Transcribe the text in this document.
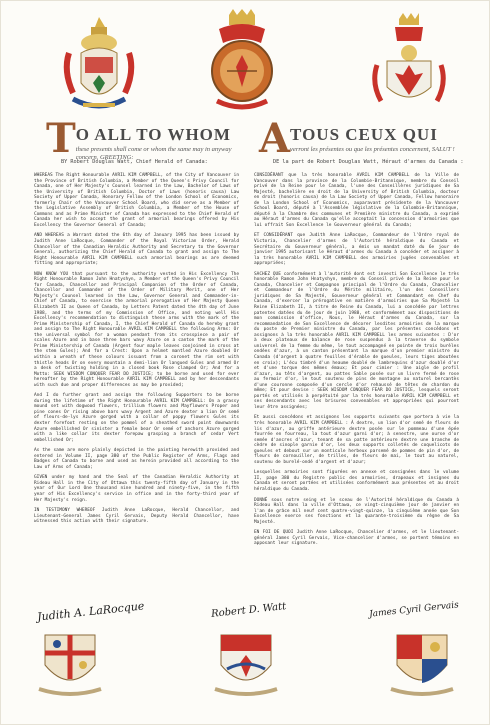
T O ALL TO WHOM
these presents shall come or whom the same may in anyway concern, GREETING:	A TOUS CEUX QUI
verront les présentes ou que les présentes concernent, SALUT !
BY Robert Douglas Watt, Chief Herald of Canada:	DE la part de Robert Douglas Watt, Héraut d'armes du Canada :

WHEREAS The Right Honourable AVRIL KIM CAMPBELL, of the City of Vancouver in the Province of British Columbia, a Member of the Queen's Privy Council for Canada, one of Her Majesty's Counsel learned in the Law, Bachelor of Laws of the University of British Columbia, Doctor of Laws (honoris causa) Law Society of Upper Canada, Honorary Fellow of the London School of Economics, formerly Chair of the Vancouver School Board, who did serve as a Member of the Legislative Assembly of British Columbia, a Member of the House of Commons and as Prime Minister of Canada has expressed to the Chief Herald of Canada her wish to accept the grant of armorial bearings offered by His Excellency the Governor General of Canada;

AND WHEREAS a Warrant dated the 6th day of January 1995 has been issued by Judith Anne LaRocque, Commander of the Royal Victorian Order, Herald Chancellor of the Canadian Heraldic Authority and Secretary to the Governor General, authorizing the Chief Herald of Canada to grant and assign to The Right Honourable AVRIL KIM CAMPBELL such armorial bearings as are deemed fitting and appropriate;

NOW KNOW YOU that pursuant to the authority vested in His Excellency The Right Honourable Ramon John Hnatyshyn, a Member of the Queen's Privy Council for Canada, Chancellor and Principal Companion of the Order of Canada, Chancellor and Commander of the Order of Military Merit, one of Her Majesty's Counsel learned in the Law, Governor General and Commander-in-Chief of Canada, to exercise the armorial prerogative of Her Majesty Queen Elizabeth II as Queen of Canada, by Letters Patent dated the 4th day of June 1988, and the terms of my Commission of Office, and noting well His Excellency's recommendation to distinguish these arms with the mark of the Prime Ministership of Canada, I, the Chief Herald of Canada do hereby grant and assign to The Right Honourable AVRIL KIM CAMPBELL the following Arms: Or the universal symbol for a woman pendant from its crosspiece a pair of scales Azure and in base three bars wavy Azure on a canton the mark of the Prime Ministership of Canada (Argent four maple leaves conjoined in cross at the stem Gules); And for a Crest: Upon a helmet mantled Azure doubled Or within a wreath of these colours issuant from a coronet the rim set with thistle heads Or on every mountain a demi-lion Or langued Gules and armed Or a desk of twisting holding in a closed book Rose clamped Or; And for a Motto: SEEK WISDOM CONQUER FEAR DO JUSTICE; to be borne and used for ever hereafter by the Right Honourable AVRIL KIM CAMPBELL and by her descendants with such due and proper differences as may be provided;

And I do further grant and assign the following Supporters to be borne during the lifetime of the Right Honourable AVRIL KIM CAMPBELL: On a grassy mound set with dogwood flowers, trillium flowers and Mayflowers Proper and pine cones Or rising above bars wavy Argent and Azure dexter a lion Or semé of fleurs-de-lys Azure gorged with a collar of poppy flowers Gules its dexter forefoot resting on the pommel of a sheathed sword point downwards Azure embellished Or sinister a female bear Or semé of anchors Azure gorged with a like collar its dexter forepaw grasping a branch of cedar Vert embellished Or;

As the same are more plainly depicted in the painting herewith provided and entered in Volume II, page 380 of the Public Register of Arms, Flags and Badges of Canada to borne and used as herein provided all according to the Law of Arms of Canada;

GIVEN under my hand and the Seal of the Canadian Heraldic Authority at Rideau Hall in the City of Ottawa this twenty-fifth day of January in the year of Our Lord One thousand nine hundred and ninety-five, in the fifth year of His Excellency's service in office and in the forty-third year of Her Majesty's reign.

IN TESTIMONY WHEREOF Judith Anne LaRocque, Herald Chancellor, and Lieutenant-General James Cyril Gervais, Deputy Herald Chancellor, have witnessed this action with their signature.

CONSIDÉRANT que la très honorable AVRIL KIM CAMPBELL de la Ville de Vancouver dans la province de la Colombie-Britannique, membre du Conseil privé de la Reine pour le Canada, l'une des Conseillères juridiques de Sa Majesté, bachelière en droit de la University of British Columbia, docteur en droit (honoris causa) de la Law Society of Upper Canada, Fellow honoraire de la London School of Economics, auparavant présidente de la Vancouver School Board, député à l'Assemblée législative de la Colombie-Britannique, député à la Chambre des communes et Première ministre du Canada, a exprimé au Héraut d'armes du Canada qu'elle acceptait la concession d'armoiries que lui offrait Son Excellence le Gouverneur général du Canada;

ET CONSIDÉRANT que Judith Anne LaRocque, Commandeur de l'Ordre royal de Victoria, Chancelier d'armes de l'Autorité héraldique du Canada et Secrétaire du Gouverneur général, a émis un mandat daté du 6e jour de janvier 1995 autorisant le Héraut d'armes du Canada à concéder et assigner à la très honorable AVRIL KIM CAMPBELL des armoiries jugées convenables et appropriées;

SACHEZ QUE conformément à l'autorité dont est investi Son Excellence le très honorable Ramon John Hnatyshyn, membre du Conseil privé de la Reine pour le Canada, Chancelier et Compagnon principal de l'Ordre du Canada, Chancelier et Commandeur de l'Ordre du Mérite militaire, l'un des Conseillers juridiques de Sa Majesté, Gouverneur général et Commandant en Chef du Canada, d'exercer la prérogative en matière d'armoiries que Sa Majesté la Reine Elizabeth II, à titre de Reine du Canada, lui a concédée par lettres patentes datées du 4e jour de juin 1988, et conformément aux dispositions de mon commission d'office, Nous, le Héraut d'armes du Canada, sur la recommandation de Son Excellence de décorer lesdites armoiries de la marque du poste de Premier ministre du Canada, par les présentes concédons et assignons à la très honorable AVRIL KIM CAMPBELL les armes suivantes : D'or à deux plateaux de balance de rose suspendus à la traverse du symbole universel de la femme du même, le tout accompagné en pointe de trois burèles ondées d'azur, à un canton présentant la marque d'un premier ministre du Canada (d'argent à quatre feuilles d'érable de gueules, leurs tiges aboutées en croix); L'écu timbré d'un heaume doublé de lambrequins d'azur doublé d'or et d'une torque des mêmes émaux; Et pour cimier : Une aigle de profil d'azur, au têts d'argent, au pattes Sable posée sur un livre fermé de rose au fermoir d'or, le tout soutenu de pins de montagne au naturel bercantès d'une couronne composée d'un cercle d'or rehaussé de têtes de chardon du même; Et pour devise : SEEK WISDOM CONQUER FEAR DO JUSTICE, lesquels seront portés et utilisés à perpétuité par la très honorable AVRIL KIM CAMPBELL et ses descendants avec les brisures convenables et appropriées qui pourront leur être assignées;

Et aussi concédons et assignons les supports suivants que portera à vie la très honorable AVRIL KIM CAMPBELL : À dextre, un lion d'or semé de fleurs de lis d'azur, au griffe antérieure dextre posée sur le pommeau d'une épée fourrée en fourreau, la tout d'azur garni d'or; à senestre, une ourse d'or semée d'ancres d'azur, tenant de sa patte antérieure dextre une branche de cèdre de sinople garnie d'or, les deux supports colletés de coquelicots de gueules et debout sur un monticule herbeux parsemé de pommes de pin d'or, de fleurs de cornouiller, de trilles, de fleurs de mai, le tout au naturel, soutenu de burelé-ondé d'argent et d'azur;

Lesquelles armoiries sont figurées en annexe et consignées dans le volume II, page 380 du Registre public des armoiries, drapeaux et insignes du Canada et seront portées et utilisées conformément aux présentes et au droit héraldique du Canada.

DONNÉ sous notre seing et le sceau de l'Autorité héraldique du Canada à Rideau Hall dans la ville d'Ottawa, ce vingt-cinquième jour de janvier en l'an de grâce mil neuf cent quatre-vingt-quinze, la cinquième année que Son Excellence exerce ses fonctions et la quarante-troisième du règne de Sa Majesté.

EN FOI DE QUOI Judith Anne LaRocque, Chancelier d'armes, et le lieutenant-général James Cyril Gervais, Vice-chancelier d'armes, se portent témoins en apposant leur signature.

Judith A. LaRocque	Robert D. Watt	James Cyril Gervais
